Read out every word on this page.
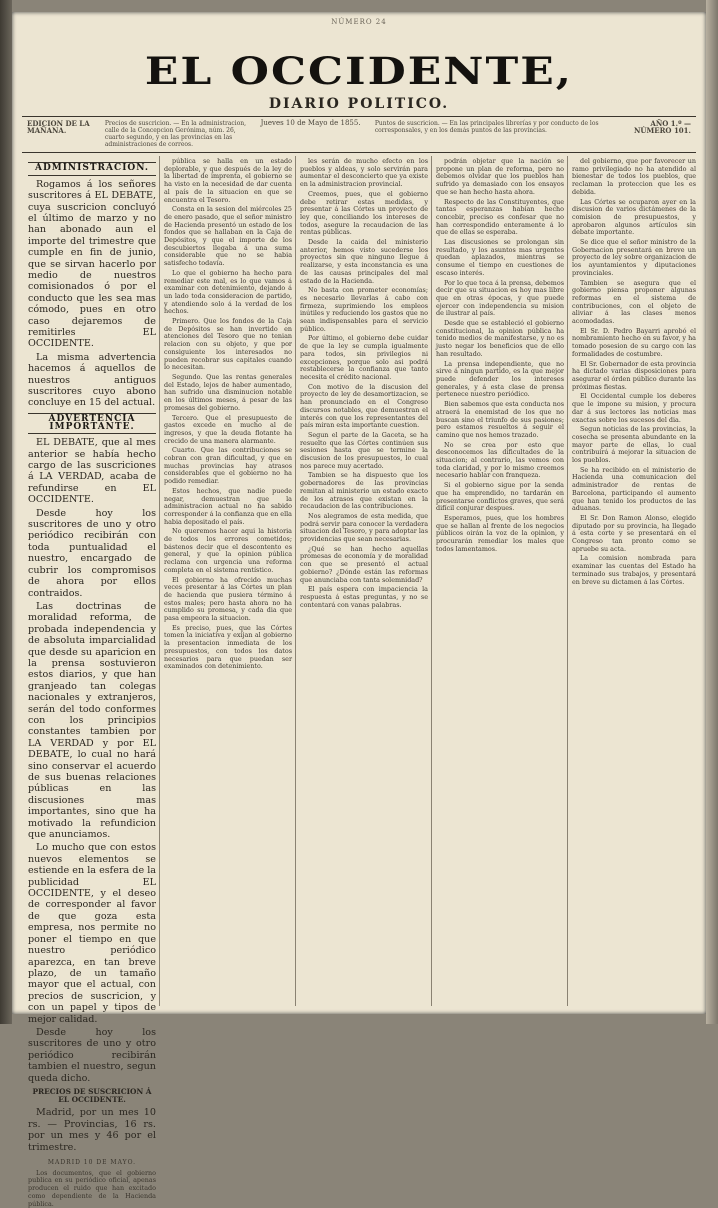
NÚMERO 24
EL OCCIDENTE,
DIARIO POLITICO.
EDICION DE LA MAÑANA.
Precios de suscricion. — En la administracion, calle de la Concepcion Gerónima, núm. 26, cuarto segundo, y en las provincias en las administraciones de correos.
Jueves 10 de Mayo de 1855.	Puntos de suscricion. — En las principales librerías y por conducto de los corresponsales, y en los demás puntos de las provincias.
AÑO 1.º — NÚMERO 101.
ADMINISTRACION.

Rogamos á los señores suscritores á EL DEBATE, cuya suscricion concluyó el último de marzo y no han abonado aun el importe del trimestre que cumple en fin de junio, que se sirvan hacerlo por medio de nuestros comisionados ó por el conducto que les sea mas cómodo, pues en otro caso dejaremos de remitirles EL OCCIDENTE.

La misma advertencia hacemos á aquellos de nuestros antiguos suscritores cuyo abono concluye en 15 del actual.

ADVERTENCIA IMPORTANTE.

EL DEBATE, que al mes anterior se había hecho cargo de las suscriciones á LA VERDAD, acaba de refundirse en EL OCCIDENTE.

Desde hoy los suscritores de uno y otro periódico recibirán con toda puntualidad el nuestro, encargado de cubrir los compromisos de ahora por ellos contraidos.

Las doctrinas de moralidad reforma, de probada independencia y de absoluta imparcialidad que desde su aparicion en la prensa sostuvieron estos diarios, y que han granjeado tan colegas nacionales y extranjeros, serán del todo conformes con los principios constantes tambien por LA VERDAD y por EL DEBATE, lo cual no hará sino conservar el acuerdo de sus buenas relaciones públicas en las discusiones mas importantes, sino que ha motivado la refundicion que anunciamos.

Lo mucho que con estos nuevos elementos se estiende en la esfera de la publicidad EL OCCIDENTE, y el deseo de corresponder al favor de que goza esta empresa, nos permite no poner el tiempo en que nuestro periódico aparezca, en tan breve plazo, de un tamaño mayor que el actual, con precios de suscricion, y con un papel y tipos de mejor calidad.

Desde hoy los suscritores de uno y otro periódico recibirán tambien el nuestro, segun queda dicho.

PRECIOS DE SUSCRICION Á EL OCCIDENTE.

Madrid, por un mes 10 rs. — Provincias, 16 rs. por un mes y 46 por el trimestre.

MADRID 10 DE MAYO.

Los documentos, que el gobierno publica en su periódico oficial, apenas producen el ruido que han excitado como dependiente de la Hacienda pública.

pública se halla en un estado deplorable, y que después de la ley de la libertad de imprenta, el gobierno se ha visto en la necesidad de dar cuenta al país de la situacion en que se encuentra el Tesoro.

Consta en la sesion del miércoles 25 de enero pasado, que el señor ministro de Hacienda presentó un estado de los fondos que se hallaban en la Caja de Depósitos, y que el importe de los descubiertos llegaba á una suma considerable que no se habia satisfecho todavía.

Lo que el gobierno ha hecho para remediar este mal, es lo que vamos á examinar con detenimiento, dejando á un lado toda consideracion de partido, y atendiendo solo á la verdad de los hechos.

Primero. Que los fondos de la Caja de Depósitos se han invertido en atenciones del Tesoro que no tenian relacion con su objeto, y que por consiguiente los interesados no pueden recobrar sus capitales cuando lo necesitan.

Segundo. Que las rentas generales del Estado, lejos de haber aumentado, han sufrido una disminucion notable en los últimos meses, á pesar de las promesas del gobierno.

Tercero. Que el presupuesto de gastos excede en mucho al de ingresos, y que la deuda flotante ha crecido de una manera alarmante.

Cuarto. Que las contribuciones se cobran con gran dificultad, y que en muchas provincias hay atrasos considerables que el gobierno no ha podido remediar.

Estos hechos, que nadie puede negar, demuestran que la administracion actual no ha sabido corresponder á la confianza que en ella habia depositado el país.

No queremos hacer aqui la historia de todos los errores cometidos; bástenos decir que el descontento es general, y que la opinion pública reclama con urgencia una reforma completa en el sistema rentístico.

El gobierno ha ofrecido muchas veces presentar á las Córtes un plan de hacienda que pusiera término á estos males; pero hasta ahora no ha cumplido su promesa, y cada dia que pasa empeora la situacion.

Es preciso, pues, que las Córtes tomen la iniciativa y exijan al gobierno la presentacion inmediata de los presupuestos, con todos los datos necesarios para que puedan ser examinados con detenimiento.

les serán de mucho efecto en los pueblos y aldeas, y solo servirán para aumentar el desconcierto que ya existe en la administracion provincial.

Creemos, pues, que el gobierno debe retirar estas medidas, y presentar á las Córtes un proyecto de ley que, conciliando los intereses de todos, asegure la recaudacion de las rentas públicas.

Desde la caida del ministerio anterior, hemos visto sucederse los proyectos sin que ninguno llegue á realizarse, y esta inconstancia es una de las causas principales del mal estado de la Hacienda.

No basta con prometer economías; es necesario llevarlas á cabo con firmeza, suprimiendo los empleos inútiles y reduciendo los gastos que no sean indispensables para el servicio público.

Por último, el gobierno debe cuidar de que la ley se cumpla igualmente para todos, sin privilegios ni excepciones, porque solo asi podrá restablecerse la confianza que tanto necesita el crédito nacional.

Con motivo de la discusion del proyecto de ley de desamortizacion, se han pronunciado en el Congreso discursos notables, que demuestran el interés con que los representantes del país miran esta importante cuestion.

Segun el parte de la Gaceta, se ha resuelto que las Córtes continúen sus sesiones hasta que se termine la discusion de los presupuestos, lo cual nos parece muy acertado.

Tambien se ha dispuesto que los gobernadores de las provincias remitan al ministerio un estado exacto de los atrasos que existan en la recaudacion de las contribuciones.

Nos alegramos de esta medida, que podrá servir para conocer la verdadera situacion del Tesoro, y para adoptar las providencias que sean necesarias.

¿Qué se han hecho aquellas promesas de economía y de moralidad con que se presentó el actual gobierno? ¿Dónde están las reformas que anunciaba con tanta solemnidad?

El país espera con impaciencia la respuesta á estas preguntas, y no se contentará con vanas palabras.

podrán objetar que la nación se propone un plan de reforma, pero no debemos olvidar que los pueblos han sufrido ya demasiado con los ensayos que se han hecho hasta ahora.

Respecto de las Constituyentes, que tantas esperanzas habian hecho concebir, preciso es confesar que no han correspondido enteramente á lo que de ellas se esperaba.

Las discusiones se prolongan sin resultado, y los asuntos mas urgentes quedan aplazados, mientras se consume el tiempo en cuestiones de escaso interés.

Por lo que toca á la prensa, debemos decir que su situacion es hoy mas libre que en otras épocas, y que puede ejercer con independencia su mision de ilustrar al país.

Desde que se estableció el gobierno constitucional, la opinion pública ha tenido medios de manifestarse, y no es justo negar los beneficios que de ello han resultado.

La prensa independiente, que no sirve á ningun partido, es la que mejor puede defender los intereses generales, y á esta clase de prensa pertenece nuestro periódico.

Bien sabemos que esta conducta nos atraerá la enemistad de los que no buscan sino el triunfo de sus pasiones; pero estamos resueltos á seguir el camino que nos hemos trazado.

No se crea por esto que desconocemos las dificultades de la situacion; al contrario, las vemos con toda claridad, y por lo mismo creemos necesario hablar con franqueza.

Si el gobierno sigue por la senda que ha emprendido, no tardarán en presentarse conflictos graves, que será difícil conjurar despues.

Esperamos, pues, que los hombres que se hallan al frente de los negocios públicos oirán la voz de la opinion, y procurarán remediar los males que todos lamentamos.

del gobierno, que por favorecer un ramo privilegiado no ha atendido al bienestar de todos los pueblos, que reclaman la proteccion que les es debida.

Las Córtes se ocuparon ayer en la discusion de varios dictámenes de la comision de presupuestos, y aprobaron algunos artículos sin debate importante.

Se dice que el señor ministro de la Gobernacion presentará en breve un proyecto de ley sobre organizacion de los ayuntamientos y diputaciones provinciales.

Tambien se asegura que el gobierno piensa proponer algunas reformas en el sistema de contribuciones, con el objeto de aliviar á las clases menos acomodadas.

El Sr. D. Pedro Bayarri aprobó el nombramiento hecho en su favor, y ha tomado posesion de su cargo con las formalidades de costumbre.

El Sr. Gobernador de esta provincia ha dictado varias disposiciones para asegurar el órden público durante las próximas fiestas.

El Occidental cumple los deberes que le impone su mision, y procura dar á sus lectores las noticias mas exactas sobre los sucesos del dia.

Segun noticias de las provincias, la cosecha se presenta abundante en la mayor parte de ellas, lo cual contribuirá á mejorar la situacion de los pueblos.

Se ha recibido en el ministerio de Hacienda una comunicacion del administrador de rentas de Barcelona, participando el aumento que han tenido los productos de las aduanas.

El Sr. Don Ramon Alonso, elegido diputado por su provincia, ha llegado á esta corte y se presentará en el Congreso tan pronto como se apruebe su acta.

La comision nombrada para examinar las cuentas del Estado ha terminado sus trabajos, y presentará en breve su dictamen á las Córtes.
